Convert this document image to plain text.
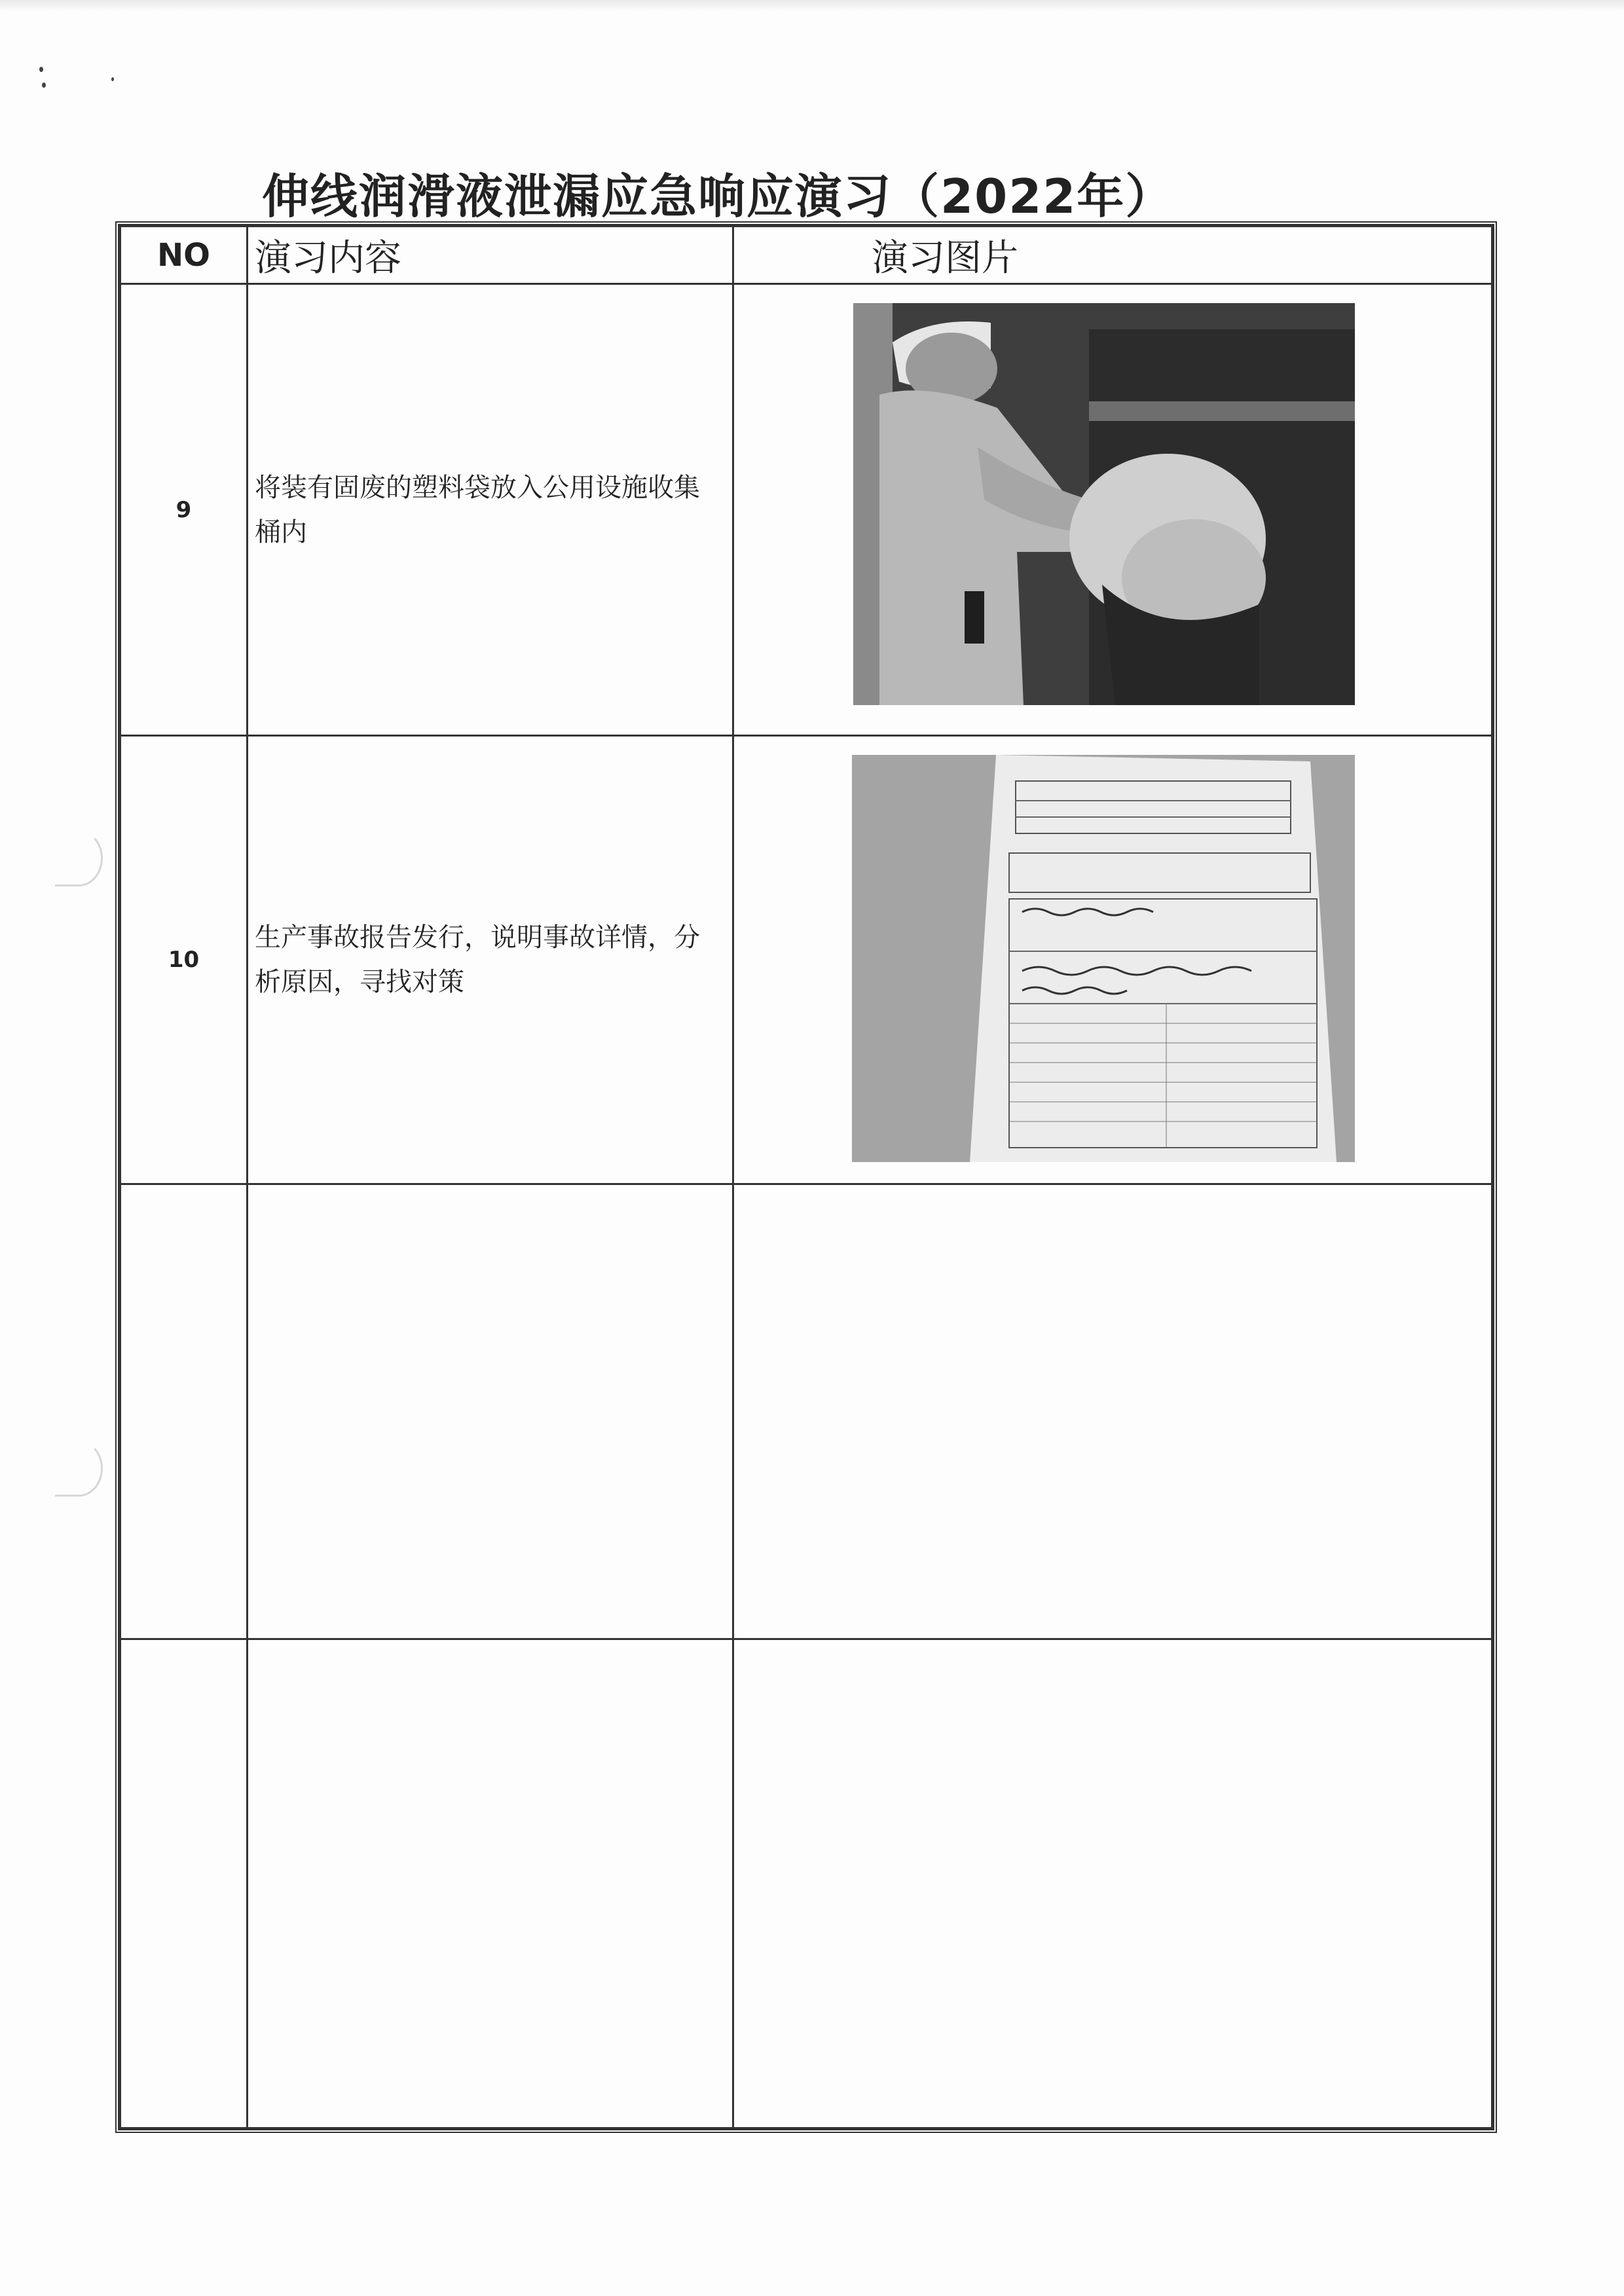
伸线润滑液泄漏应急响应演习（2022年）
NO	演习内容	演习图片
9	将装有固废的塑料袋放入公用设施收集桶内	

10	生产事故报告发行，说明事故详情，分析原因，寻找对策	
